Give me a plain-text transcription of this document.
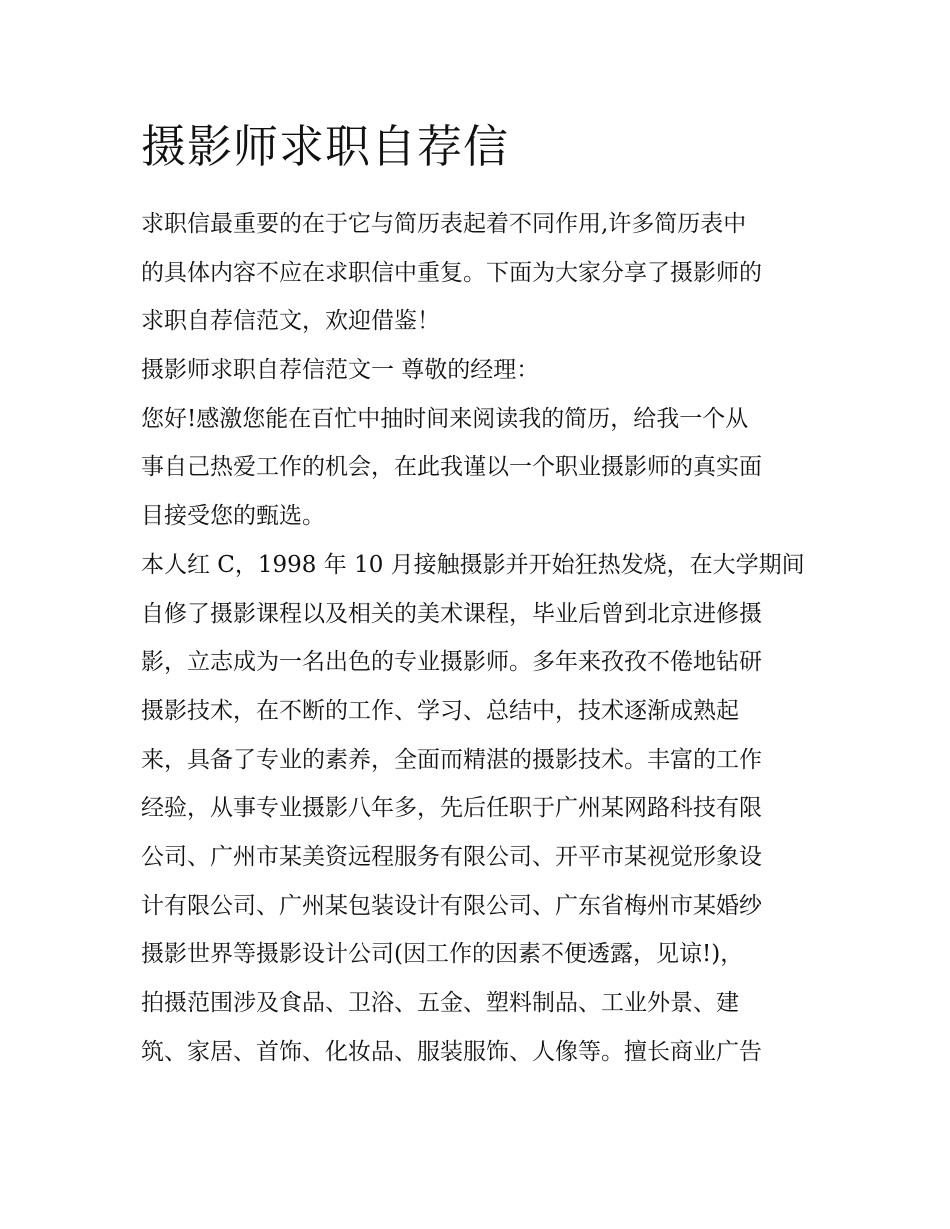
摄影师求职自荐信
求职信最重要的在于它与简历表起着不同作用,许多简历表中
的具体内容不应在求职信中重复。下面为大家分享了摄影师的
求职自荐信范文，欢迎借鉴！
摄影师求职自荐信范文一 尊敬的经理：
您好!感激您能在百忙中抽时间来阅读我的简历，给我一个从
事自己热爱工作的机会，在此我谨以一个职业摄影师的真实面
目接受您的甄选。
本人红 C，1998 年 10 月接触摄影并开始狂热发烧，在大学期间
自修了摄影课程以及相关的美术课程，毕业后曾到北京进修摄
影，立志成为一名出色的专业摄影师。多年来孜孜不倦地钻研
摄影技术，在不断的工作、学习、总结中，技术逐渐成熟起
来，具备了专业的素养，全面而精湛的摄影技术。丰富的工作
经验，从事专业摄影八年多，先后任职于广州某网路科技有限
公司、广州市某美资远程服务有限公司、开平市某视觉形象设
计有限公司、广州某包装设计有限公司、广东省梅州市某婚纱
摄影世界等摄影设计公司(因工作的因素不便透露，见谅!)，
拍摄范围涉及食品、卫浴、五金、塑料制品、工业外景、建
筑、家居、首饰、化妆品、服装服饰、人像等。擅长商业广告
